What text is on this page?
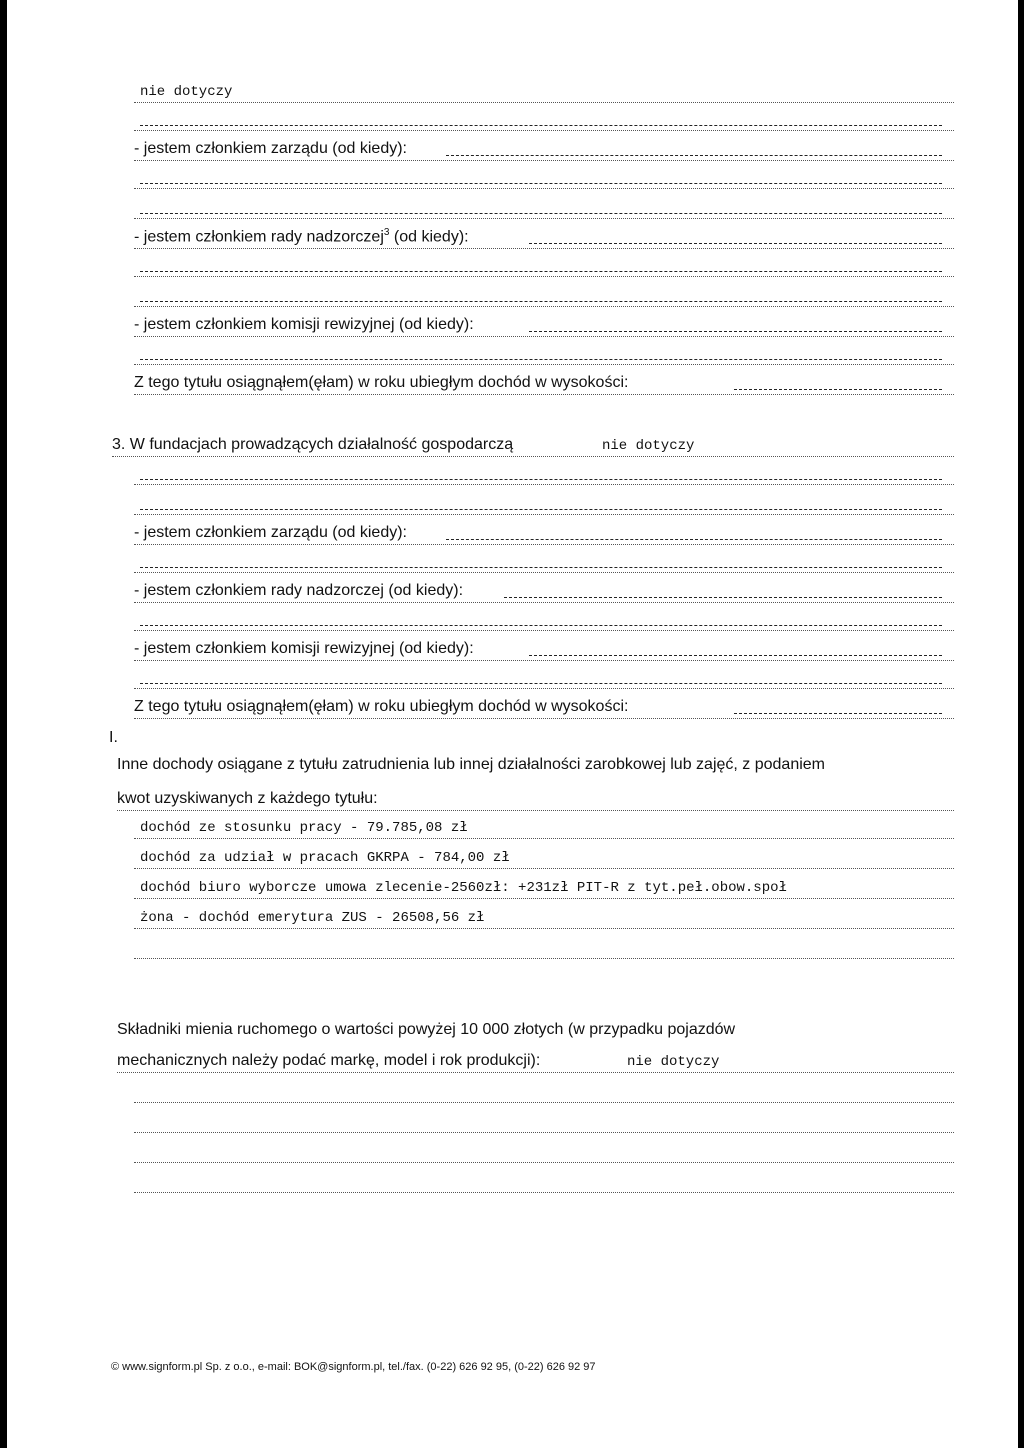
nie dotyczy
- jestem członkiem zarządu (od kiedy):
- jestem członkiem rady nadzorczej$^3$ (od kiedy):
- jestem członkiem komisji rewizyjnej (od kiedy):
Z tego tytułu osiągnąłem(ęłam) w roku ubiegłym dochód w wysokości:
3. W fundacjach prowadzących działalność gospodarczą	nie dotyczy
- jestem członkiem zarządu (od kiedy):
- jestem członkiem rady nadzorczej (od kiedy):
- jestem członkiem komisji rewizyjnej (od kiedy):
Z tego tytułu osiągnąłem(ęłam) w roku ubiegłym dochód w wysokości:
I.
Inne dochody osiągane z tytułu zatrudnienia lub innej działalności zarobkowej lub zajęć, z podaniem
kwot uzyskiwanych z każdego tytułu:
dochód ze stosunku pracy - 79.785,08 zł
dochód za udział w pracach GKRPA - 784,00 zł
dochód biuro wyborcze umowa zlecenie-2560zł: +231zł PIT-R z tyt.peł.obow.społ
żona - dochód emerytura ZUS - 26508,56 zł
Składniki mienia ruchomego o wartości powyżej 10 000 złotych (w przypadku pojazdów
mechanicznych należy podać markę, model i rok produkcji):	nie dotyczy
© www.signform.pl Sp. z o.o., e-mail: BOK@signform.pl, tel./fax. (0-22) 626 92 95, (0-22) 626 92 97
